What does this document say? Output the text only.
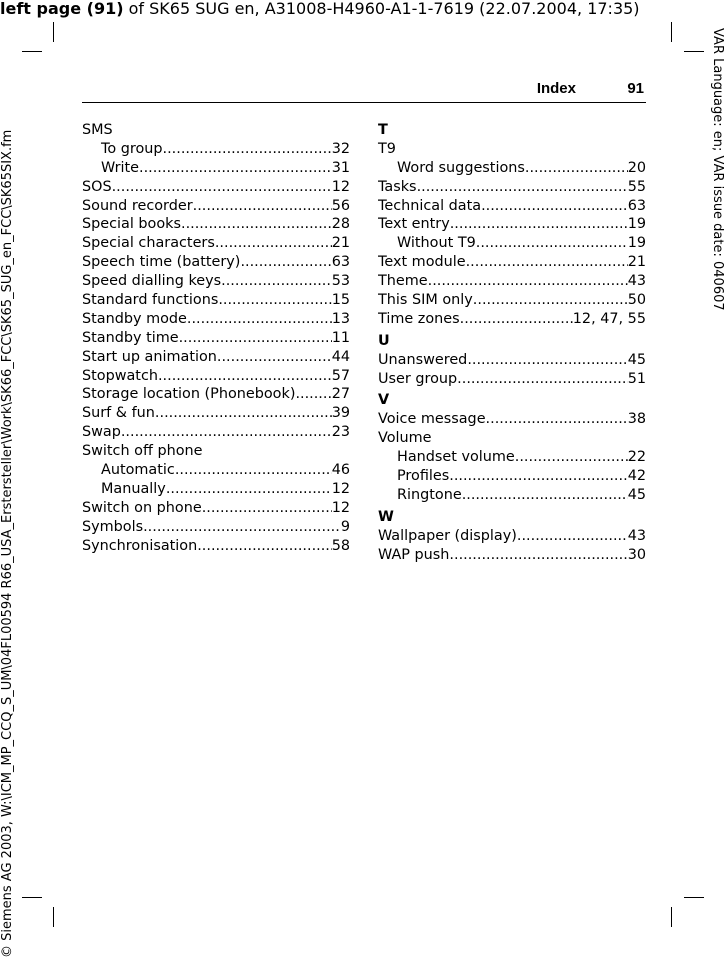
left page (91) of SK65 SUG en, A31008-H4960-A1-1-7619 (22.07.2004, 17:35)
© Siemens AG 2003, W:\ICM_MP_CCQ_S_UM\04FL00594 R66_USA_Erstersteller\Work\SK66_FCC\SK65_SUG_en_FCC\SK65SIX.fm	VAR Language: en; VAR issue date: 040607
Index	91
SMS
To group .....	32
Write .....	31
SOS .....	12
Sound recorder .....	56
Special books .....	28
Special characters .....	21
Speech time (battery) .....	63
Speed dialling keys .....	53
Standard functions .....	15
Standby mode .....	13
Standby time .....	11
Start up animation .....	44
Stopwatch .....	57
Storage location (Phonebook) .....	27
Surf & fun .....	39
Swap .....	23
Switch off phone
Automatic .....	46
Manually .....	12
Switch on phone .....	12
Symbols .....	9
Synchronisation .....	58
T
T9
Word suggestions .....	20
Tasks .....	55
Technical data .....	63
Text entry .....	19
Without T9 .....	19
Text module .....	21
Theme .....	43
This SIM only .....	50
Time zones .....	12, 47, 55
U
Unanswered .....	45
User group .....	51
V
Voice message .....	38
Volume
Handset volume .....	22
Profiles .....	42
Ringtone .....	45
W
Wallpaper (display) .....	43
WAP push .....	30
